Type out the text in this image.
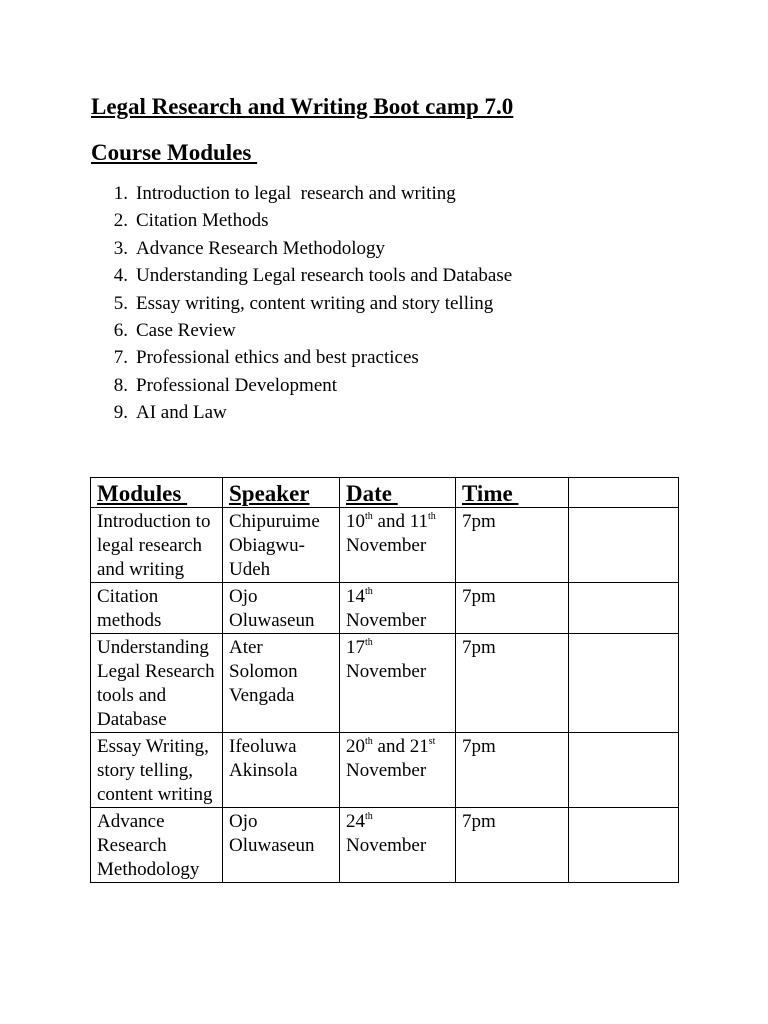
Legal Research and Writing Boot camp 7.0
Course Modules
1. Introduction to legal  research and writing
2. Citation Methods
3. Advance Research Methodology
4. Understanding Legal research tools and Database
5. Essay writing, content writing and story telling
6. Case Review
7. Professional ethics and best practices
8. Professional Development
9. AI and Law
Modules	Speaker	Date	Time	
Introduction to legal research and writing	Chipuruime Obiagwu-Udeh	10th and 11th November	7pm	
Citation methods	Ojo Oluwaseun	14th November	7pm	
Understanding Legal Research tools and Database	Ater Solomon Vengada	17th November	7pm	
Essay Writing, story telling, content writing	Ifeoluwa Akinsola	20th and 21st November	7pm	
Advance Research Methodology	Ojo Oluwaseun	24th November	7pm	
